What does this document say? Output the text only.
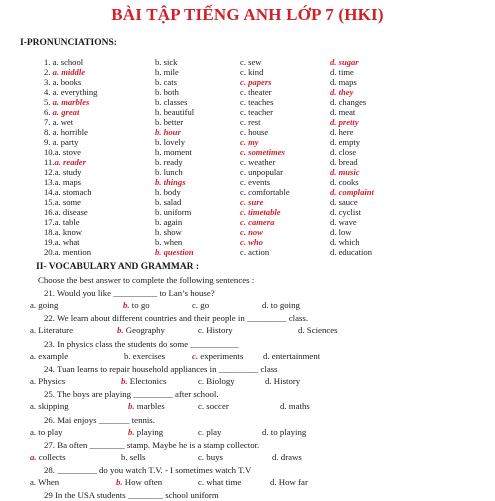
BÀI TẬP TIẾNG ANH LỚP 7 (HKI)
I-PRONUNCIATIONS:
1. a. school	b. sick	c. sew	d. sugar
2. a. middle	b. mile	c. kind	d. time
3. a. books	b. cats	c. papers	d. maps
4. a. everything	b. both	c. theater	d. they
5. a. marbles	b. classes	c. teaches	d. changes
6. a. great	b. beautiful	c. teacher	d. meat
7. a. wet	b. better	c. rest	d. pretty
8. a. horrible	b. hour	c. house	d. here
9. a. party	b. lovely	c. my	d. empty
10.a. stove	b. moment	c. sometimes	d. close
11.a. reader	b. ready	c. weather	d. bread
12.a. study	b. lunch	c. unpopular	d. music
13.a. maps	b. things	c. events	d. cooks
14.a. stomach	b. body	c. comfortable	d. complaint
15.a. some	b. salad	c. sure	d. sauce
16.a. disease	b. uniform	c. timetable	d. cyclist
17.a. table	b. again	c. camera	d. wave
18.a. know	b. show	c. now	d. low
19.a. what	b. when	c. who	d. which
20.a. mention	b. question	c. action	d. education
II- VOCABULARY AND GRAMMAR :
Choose the best answer to complete the following sentences :
21. Would you like __________ to Lan’s house?
a. going	b. to go	c. go	d. to going
22. We learn about different countries and their people in _________ class.
a. Literature	b. Geography	c. History	d. Sciences
23. In physics class the students do some ___________
a. example	b. exercises	c. experiments d. entertainment
24. Tuan learns to repair household appliances in _________ class
a. Physics	b. Electonics	c. Biology	d. History
25. The boys are playing _________ after school.
a. skipping	b. marbles	c. soccer	d. maths
26. Mai enjoys _______ tennis.
a. to play	b. playing	c. play	d. to playing
27. Ba often ________ stamp. Maybe he is a stamp collector.
a. collects	b. sells	c. buys	d. draws
28. _________ do you watch T.V. - I sometimes watch T.V
a. When	b. How often	c. what time	d. How far
29 In the USA students ________ school uniform
